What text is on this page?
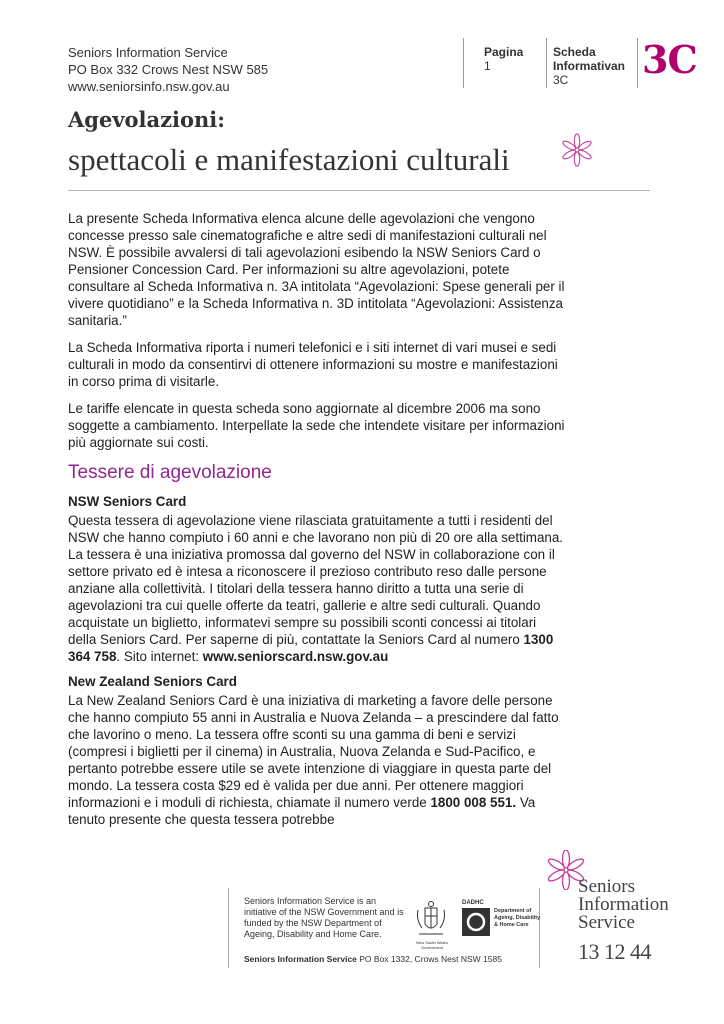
Seniors Information Service
PO Box 332 Crows Nest NSW 585
www.seniorsinfo.nsw.gov.au
Pagina
1
Scheda
Informativan
3C	3C
Agevolazioni:
spettacoli e manifestazioni culturali

La presente Scheda Informativa elenca alcune delle agevolazioni che vengono concesse presso sale cinematografiche e altre sedi di manifestazioni culturali nel NSW. È possibile avvalersi di tali agevolazioni esibendo la NSW Seniors Card o Pensioner Concession Card. Per informazioni su altre agevolazioni, potete consultare al Scheda Informativa n. 3A intitolata “Agevolazioni: Spese generali per il vivere quotidiano” e la Scheda Informativa n. 3D intitolata “Agevolazioni: Assistenza sanitaria.”

La Scheda Informativa riporta i numeri telefonici e i siti internet di vari musei e sedi culturali in modo da consentirvi di ottenere informazioni su mostre e manifestazioni in corso prima di visitarle.

Le tariffe elencate in questa scheda sono aggiornate al dicembre 2006 ma sono soggette a cambiamento. Interpellate la sede che intendete visitare per informazioni più aggiornate sui costi.

Tessere di agevolazione
NSW Seniors Card

Questa tessera di agevolazione viene rilasciata gratuitamente a tutti i residenti del NSW che hanno compiuto i 60 anni e che lavorano non più di 20 ore alla settimana. La tessera è una iniziativa promossa dal governo del NSW in collaborazione con il settore privato ed è intesa a riconoscere il prezioso contributo reso dalle persone anziane alla collettività. I titolari della tessera hanno diritto a tutta una serie di agevolazioni tra cui quelle offerte da teatri, gallerie e altre sedi culturali. Quando acquistate un biglietto, informatevi sempre su possibili sconti concessi ai titolari della Seniors Card. Per saperne di più, contattate la Seniors Card al numero 1300 364 758. Sito internet: www.seniorscard.nsw.gov.au

New Zealand Seniors Card

La New Zealand Seniors Card è una iniziativa di marketing a favore delle persone che hanno compiuto 55 anni in Australia e Nuova Zelanda – a prescindere dal fatto che lavorino o meno. La tessera offre sconti su una gamma di beni e servizi (compresi i biglietti per il cinema) in Australia, Nuova Zelanda e Sud-Pacifico, e pertanto potrebbe essere utile se avete intenzione di viaggiare in questa parte del mondo. La tessera costa $29 ed è valida per due anni. Per ottenere maggiori informazioni e i moduli di richiesta, chiamate il numero verde 1800 008 551. Va tenuto presente che questa tessera potrebbe

Seniors Information Service is an initiative of the NSW Government and is funded by the NSW Department of Ageing, Disability and Home Care.
New South Wales Government
DADHC
Department of Ageing, Disability & Home Care
Seniors Information Service PO Box 1332, Crows Nest NSW 1585
Seniors
Information
Service
13 12 44
